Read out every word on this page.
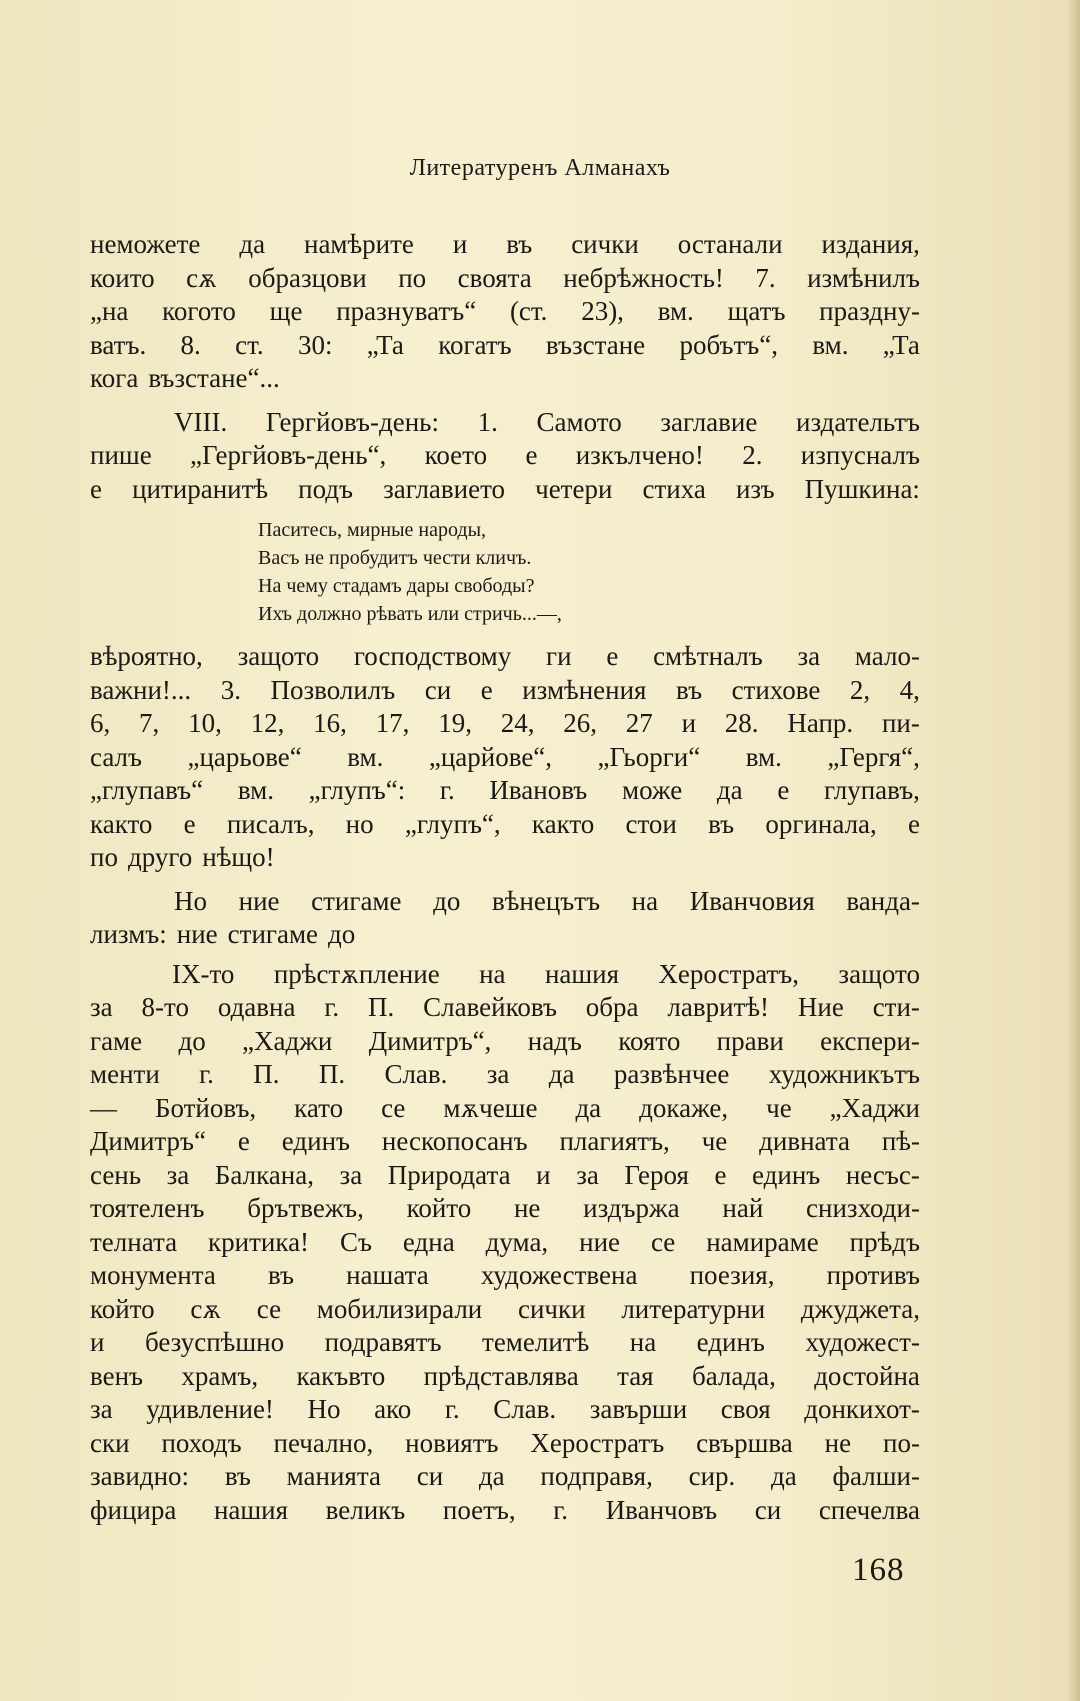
Литературенъ Алманахъ
неможете да намѣрите и въ сички останали издания,
които сѫ образцови по своята небрѣжность! 7. измѣнилъ
„на когото ще празнуватъ“ (ст. 23), вм. щатъ праздну-
ватъ. 8. ст. 30: „Та когатъ възстане робътъ“, вм. „Та
кога възстане“...
VIII. Гергйовъ-день: 1. Самото заглавие издательтъ
пише „Гергйовъ-день“, което е изкълчено! 2. изпусналъ
е цитиранитѣ подъ заглавието четери стиха изъ Пушкина:
Паситесь, мирные народы,
Васъ не пробудитъ чести кличъ.
На чему стадамъ дары свободы?
Ихъ должно рѣвать или стричь...—,
вѣроятно, защото господствому ги е смѣтналъ за мало-
важни!... 3. Позволилъ си е измѣнения въ стихове 2, 4,
6, 7, 10, 12, 16, 17, 19, 24, 26, 27 и 28. Напр. пи-
салъ „царьове“ вм. „царйове“, „Гьорги“ вм. „Гергя“,
„глупавъ“ вм. „глупъ“: г. Ивановъ може да е глупавъ,
както е писалъ, но „глупъ“, както стои въ оргинала, е
по друго нѣщо!
Но ние стигаме до вѣнецътъ на Иванчовия ванда-
лизмъ: ние стигаме до
IX-то прѣстѫпление на нашия Херостратъ, защото
за 8-то одавна г. П. Славейковъ обра лавритѣ! Ние сти-
гаме до „Хаджи Димитръ“, надъ която прави експери-
менти г. П. П. Слав. за да развѣнчее художникътъ
— Ботйовъ, като се мѫчеше да докаже, че „Хаджи
Димитръ“ е единъ нескопосанъ плагиятъ, че дивната пѣ-
сень за Балкана, за Природата и за Героя е единъ несъс-
тоятеленъ брътвежъ, който не издържа най снизходи-
телната критика! Съ една дума, ние се намираме прѣдъ
монумента въ нашата художествена поезия, противъ
който сѫ се мобилизирали сички литературни джуджета,
и безуспѣшно подравятъ темелитѣ на единъ художест-
венъ храмъ, какъвто прѣдставлява тая балада, достойна
за удивление! Но ако г. Слав. завърши своя донкихот-
ски походъ печално, новиятъ Херостратъ свършва не по-
завидно: въ манията си да подправя, сир. да фалши-
фицира нашия великъ поетъ, г. Иванчовъ си спечелва
168
